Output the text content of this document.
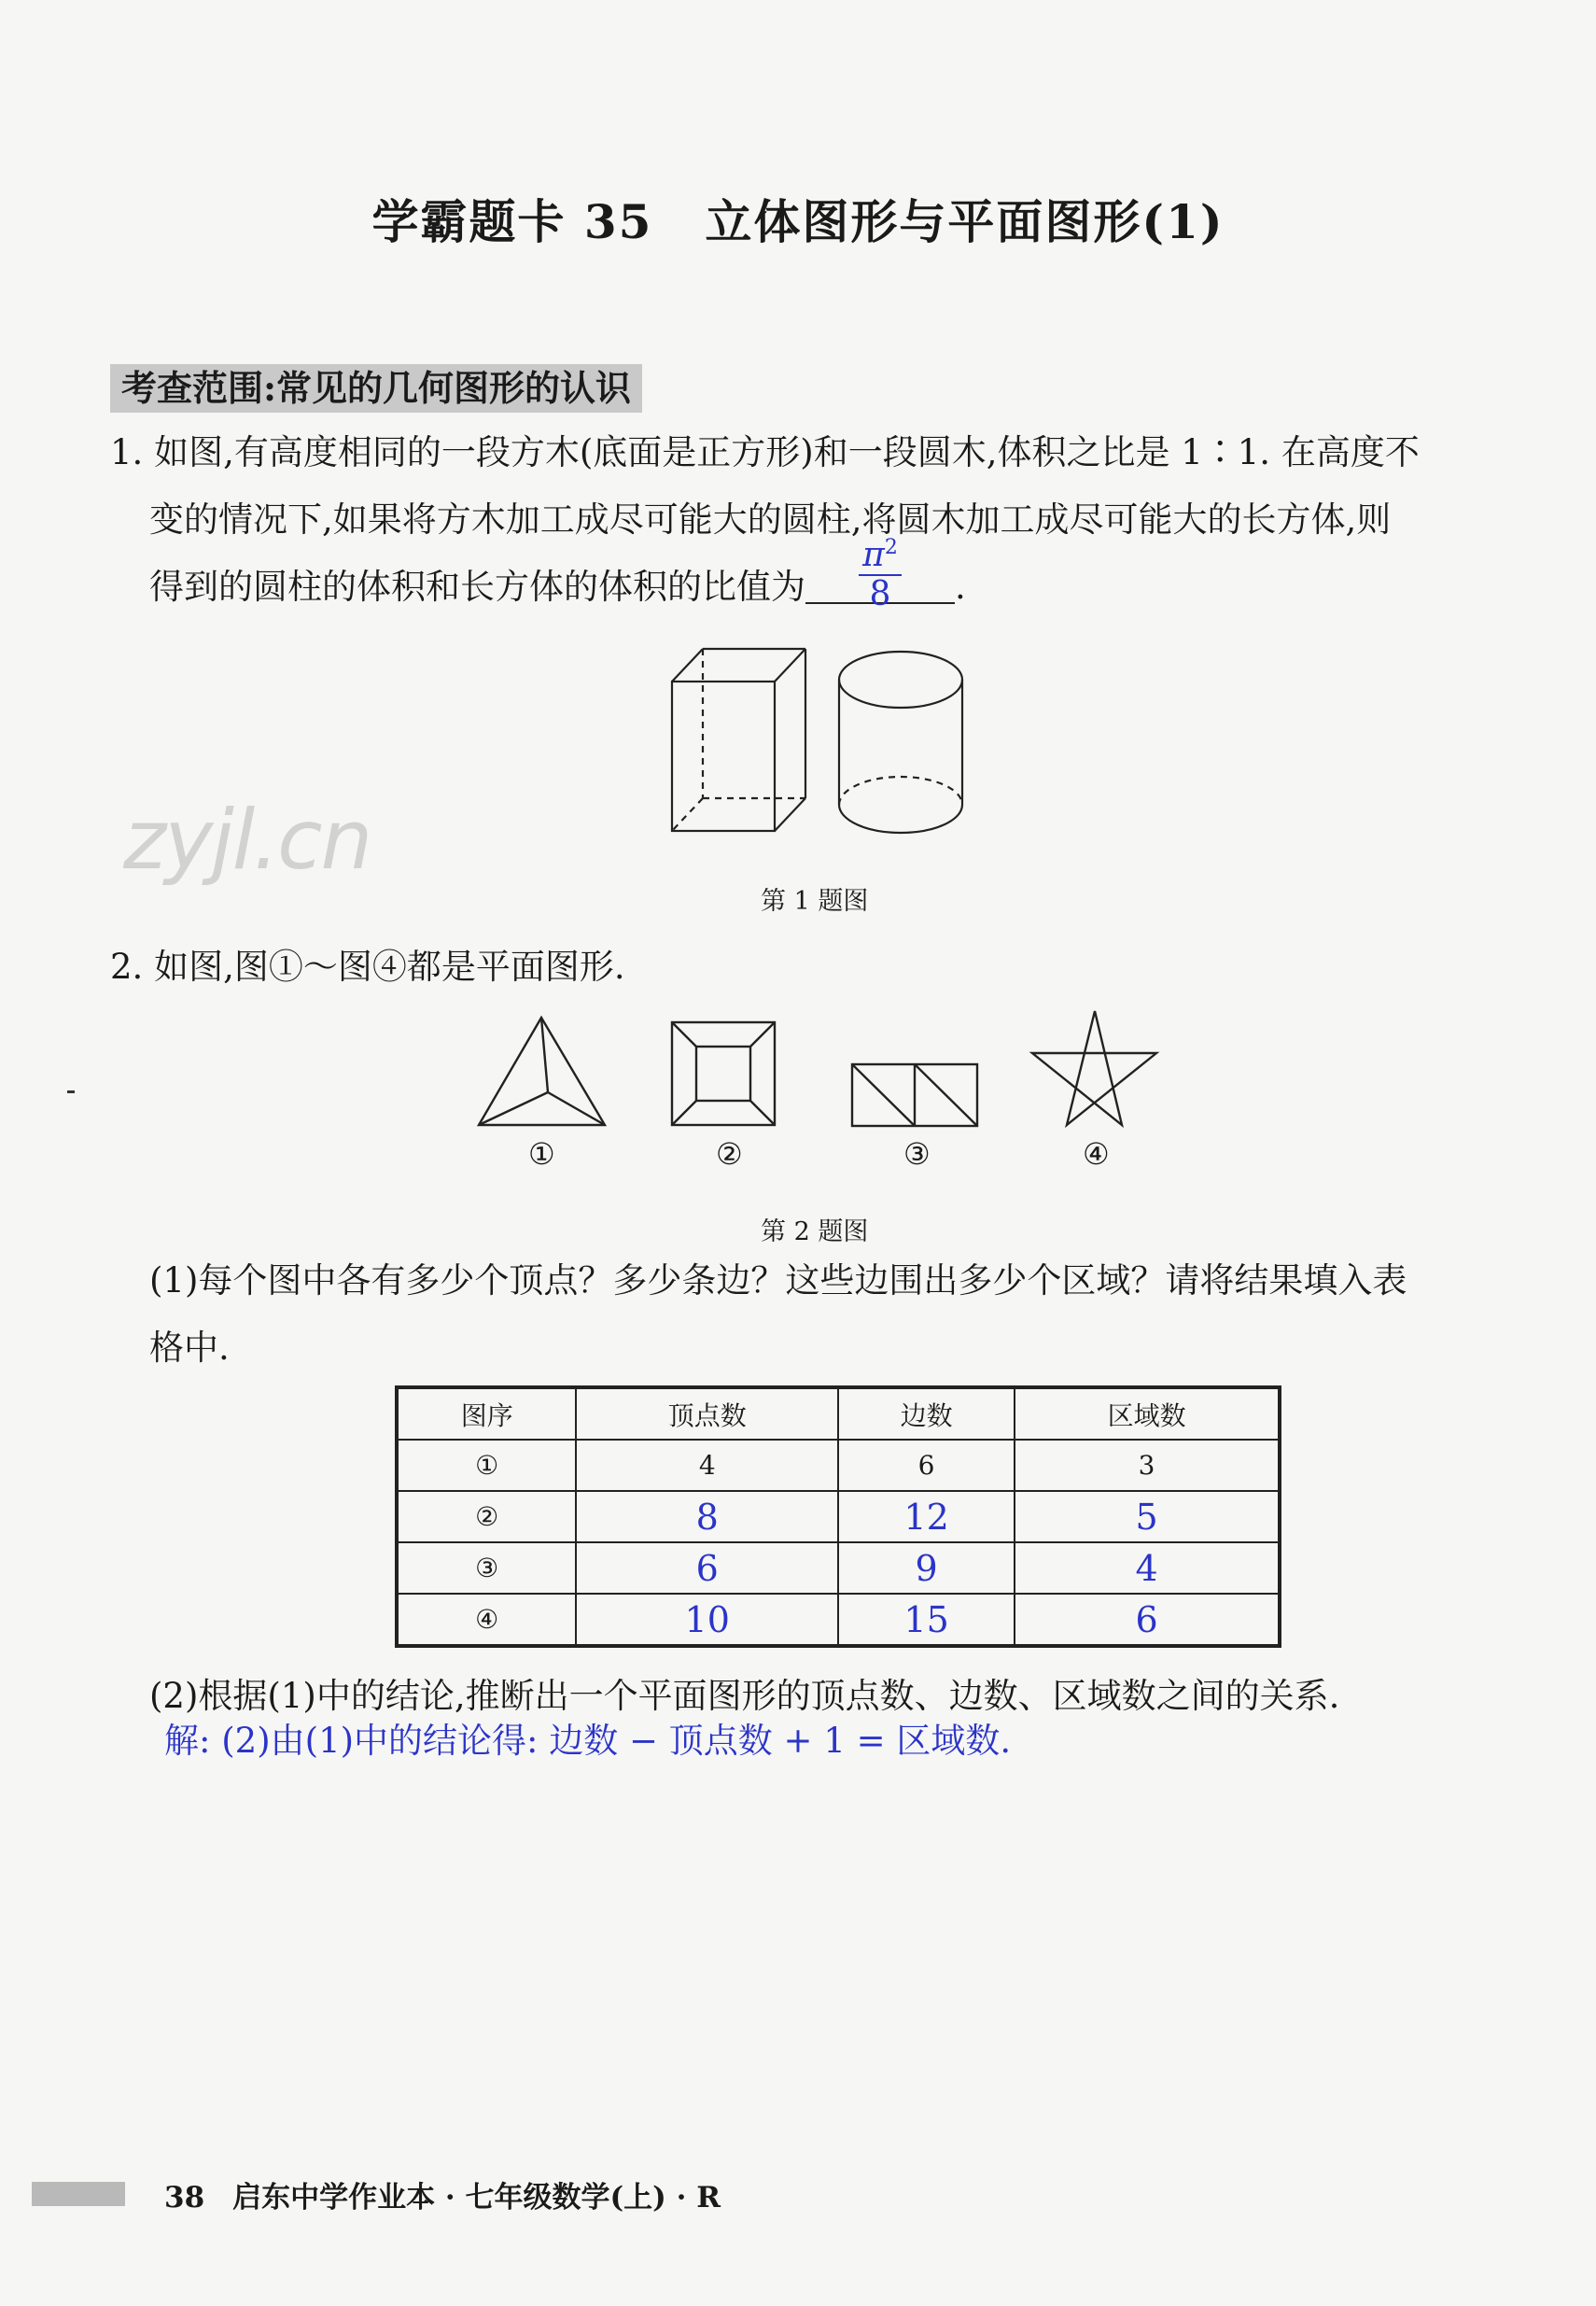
学霸题卡 35 立体图形与平面图形(1)
考查范围:常见的几何图形的认识
1. 如图,有高度相同的一段方木(底面是正方形)和一段圆木,体积之比是 1∶1. 在高度不
变的情况下,如果将方木加工成尽可能大的圆柱,将圆木加工成尽可能大的长方体,则
得到的圆柱的体积和长方体的体积的比值为
$\pi^2$
8	.
zyjl.cn
第 1 题图
2. 如图,图①～图④都是平面图形.
①	②	③	④
第 2 题图
(1)每个图中各有多少个顶点？多少条边？这些边围出多少个区域？请将结果填入表
格中.
图序	顶点数	边数	区域数
①	4	6	3
②	8	12	5
③	6	9	4
④	10	15	6
(2)根据(1)中的结论,推断出一个平面图形的顶点数、边数、区域数之间的关系.
解: (2)由(1)中的结论得: 边数 − 顶点数 + 1 = 区域数.
38 启东中学作业本 · 七年级数学(上) · R
